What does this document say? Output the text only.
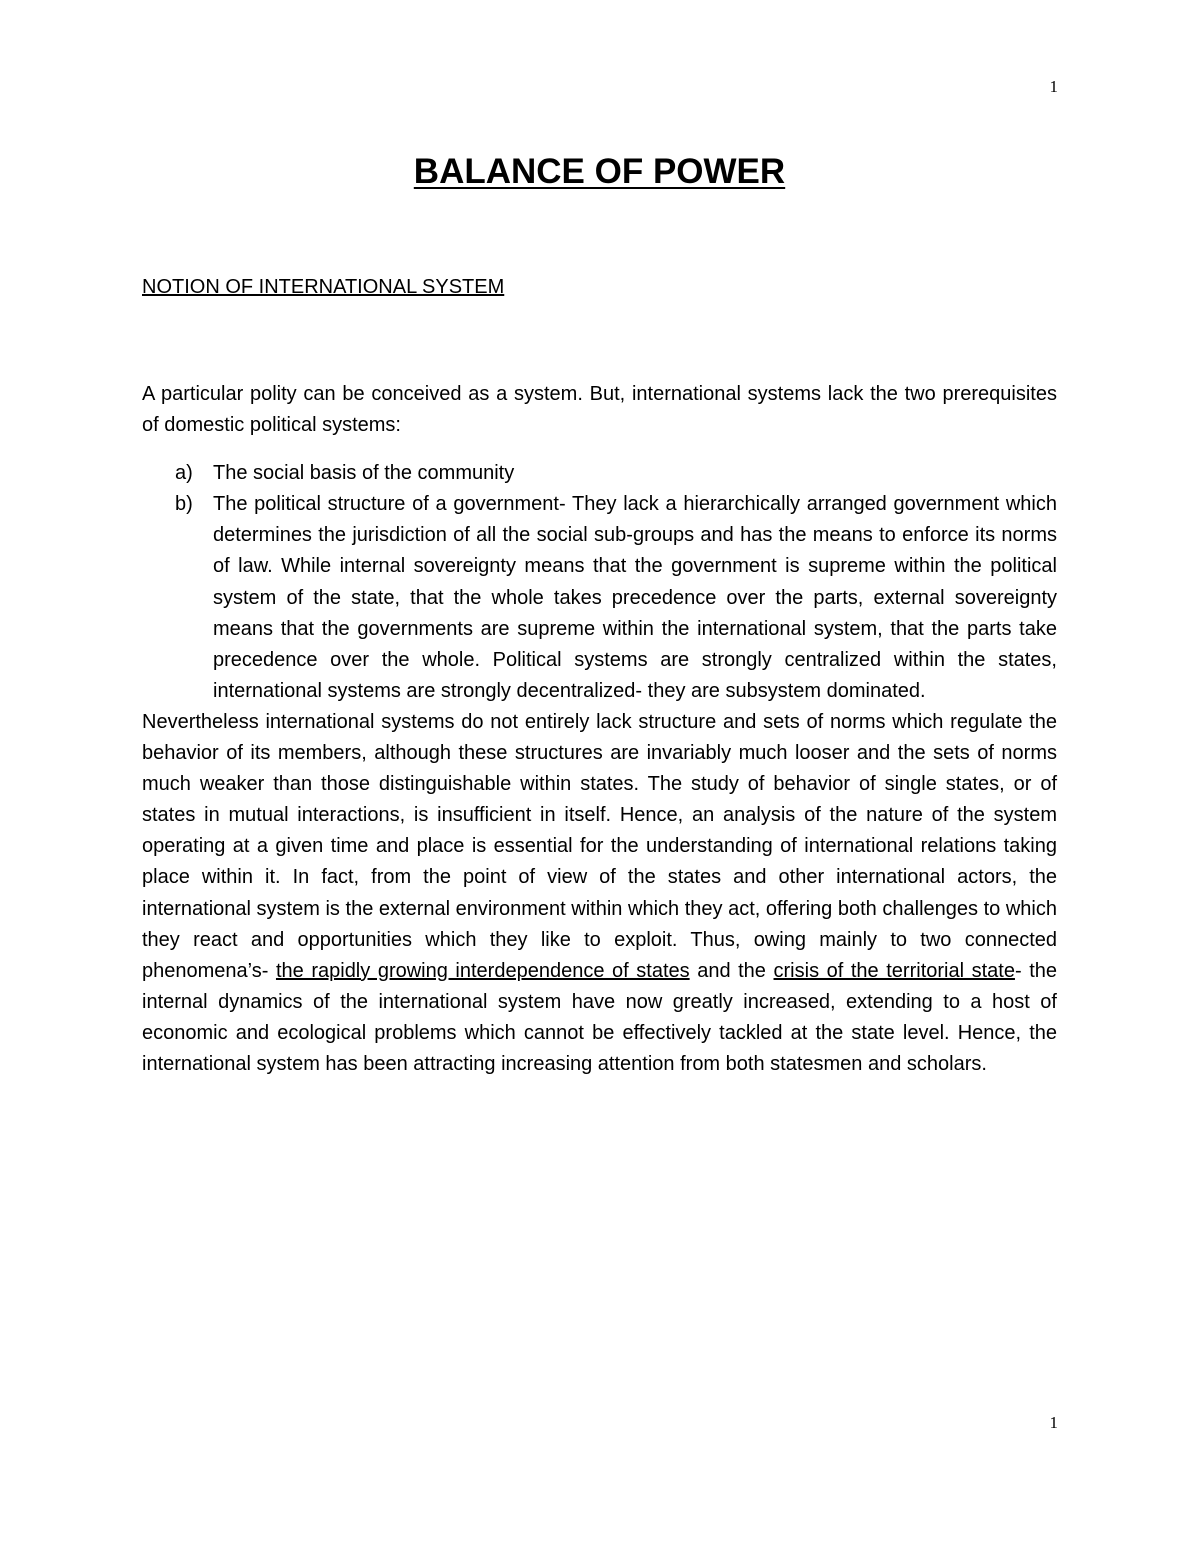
1
BALANCE OF POWER
NOTION OF INTERNATIONAL SYSTEM

A particular polity can be conceived as a system. But, international systems lack the two prerequisites of domestic political systems:

a) The social basis of the community
b) The political structure of a government- They lack a hierarchically arranged government which determines the jurisdiction of all the social sub-groups and has the means to enforce its norms of law. While internal sovereignty means that the government is supreme within the political system of the state, that the whole takes precedence over the parts, external sovereignty means that the governments are supreme within the international system, that the parts take precedence over the whole. Political systems are strongly centralized within the states, international systems are strongly decentralized- they are subsystem dominated.

Nevertheless international systems do not entirely lack structure and sets of norms which regulate the behavior of its members, although these structures are invariably much looser and the sets of norms much weaker than those distinguishable within states. The study of behavior of single states, or of states in mutual interactions, is insufficient in itself. Hence, an analysis of the nature of the system operating at a given time and place is essential for the understanding of international relations taking place within it. In fact, from the point of view of the states and other international actors, the international system is the external environment within which they act, offering both challenges to which they react and opportunities which they like to exploit. Thus, owing mainly to two connected phenomena’s- the rapidly growing interdependence of states and the crisis of the territorial state- the internal dynamics of the international system have now greatly increased, extending to a host of economic and ecological problems which cannot be effectively tackled at the state level. Hence, the international system has been attracting increasing attention from both statesmen and scholars.

1
